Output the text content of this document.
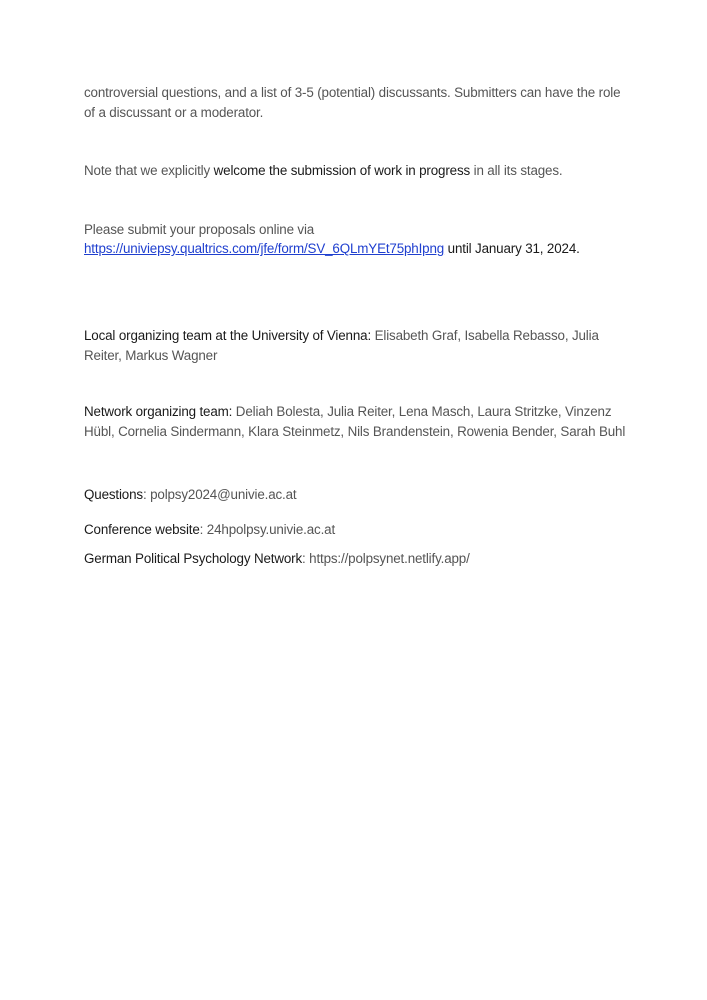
controversial questions, and a list of 3-5 (potential) discussants. Submitters can have the role of a discussant or a moderator.

Note that we explicitly welcome the submission of work in progress in all its stages.

Please submit your proposals online via
https://univiepsy.qualtrics.com/jfe/form/SV_6QLmYEt75phIpng until January 31, 2024.

Local organizing team at the University of Vienna: Elisabeth Graf, Isabella Rebasso, Julia Reiter, Markus Wagner

Network organizing team: Deliah Bolesta, Julia Reiter, Lena Masch, Laura Stritzke, Vinzenz Hübl, Cornelia Sindermann, Klara Steinmetz, Nils Brandenstein, Rowenia Bender, Sarah Buhl

Questions: polpsy2024@univie.ac.at

Conference website: 24hpolpsy.univie.ac.at

German Political Psychology Network: https://polpsynet.netlify.app/
